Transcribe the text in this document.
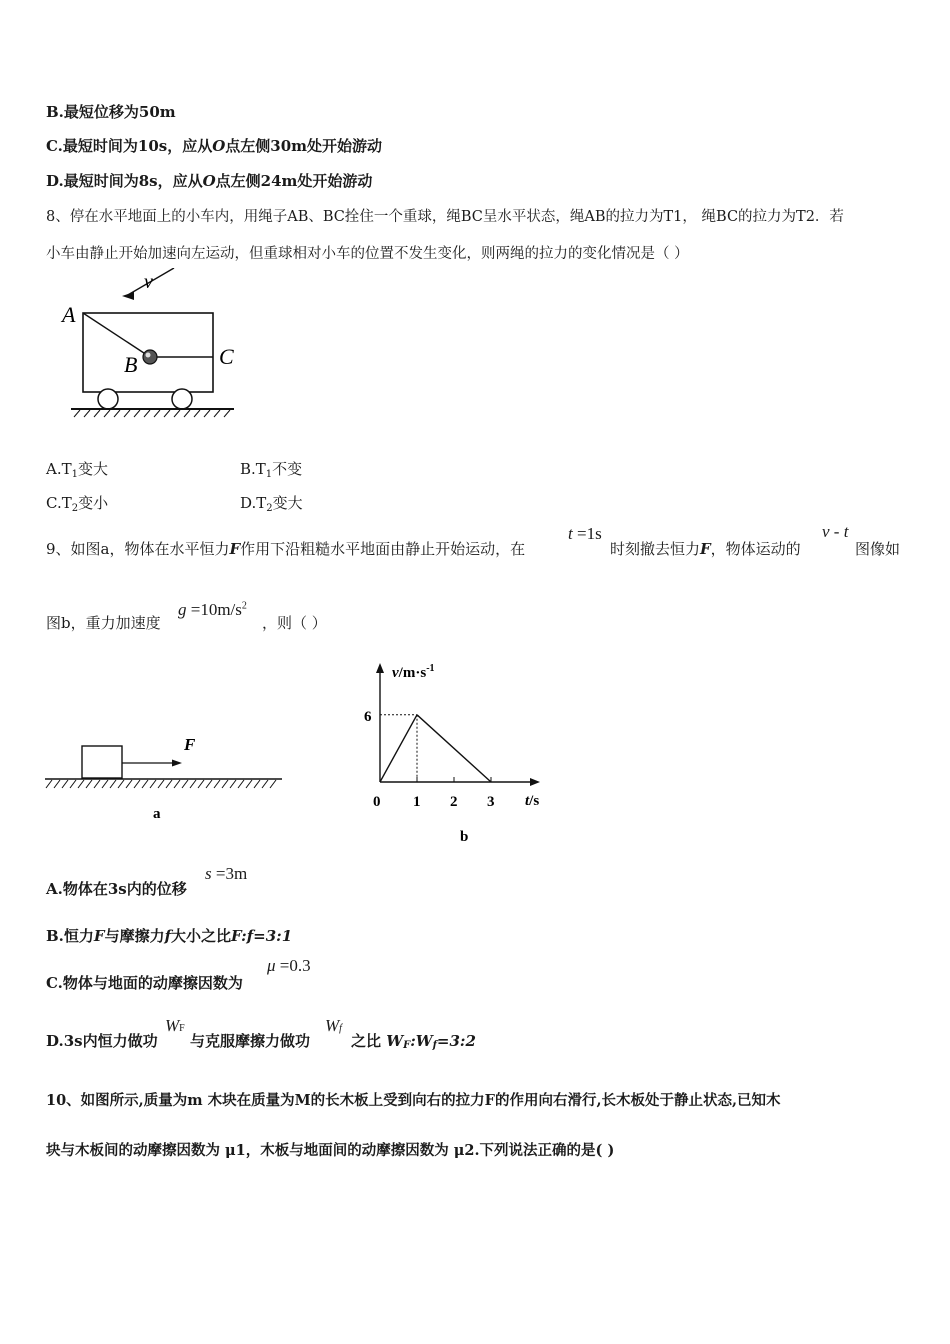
B.最短位移为50m
C.最短时间为10s，应从O点左侧30m处开始游动
D.最短时间为8s，应从O点左侧24m处开始游动
8、停在水平地面上的小车内，用绳子AB、BC拴住一个重球，绳BC呈水平状态，绳AB的拉力为T1， 绳BC的拉力为T2．若
小车由静止开始加速向左运动，但重球相对小车的位置不发生变化，则两绳的拉力的变化情况是（ ）
v
A
B	C
$A.T_1$变大	$B.T_1$不变
$C.T_2$变小	$D.T_2$变大
9、如图a，物体在水平恒力F作用下沿粗糙水平地面由静止开始运动，在
t =1s
时刻撤去恒力F，物体运动的
v - t
图像如
图b，重力加速度
$g =10m/s^2$
，则（ ）
F
a
$v/m\cdot s^{-1}$
t/s
b
0 1 2 3
6
A.物体在3s内的位移
s =3m
B.恒力F与摩擦力f大小之比F:f=3:1
C.物体与地面的动摩擦因数为
μ =0.3
D.3s内恒力做功
WF
与克服摩擦力做功
Wf
之比 WF:Wf=3:2
10、如图所示,质量为m 木块在质量为M的长木板上受到向右的拉力F的作用向右滑行,长木板处于静止状态,已知木
块与木板间的动摩擦因数为 μ1，木板与地面间的动摩擦因数为 μ2.下列说法正确的是( )
